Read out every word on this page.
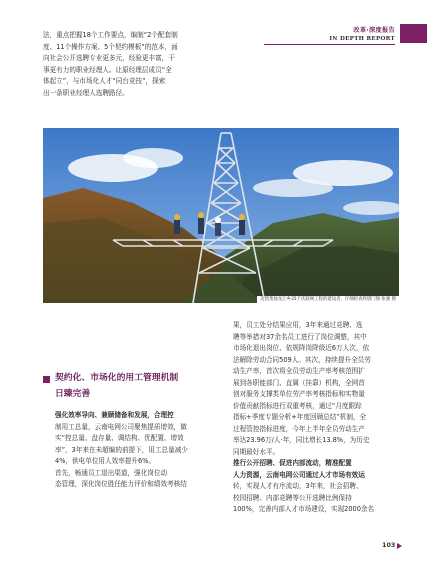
改革·深度报告
IN DEPTH REPORT
法，重点把握18个工作要点，编制“2个配套制
度、11个操作方案、5个契约模板”的范本，面
向社会公开选聘专业更多元，经验更丰富，干
事更有力的职业经理人。让原经理层成员“全
体起立”，与市场化人才“同台竞技”，探索
出一条职业经理人选聘路径。
迈凯集独龙江乡35千伏联网工程的建设者，仔细检查铁塔门图 张强 摄
契约化、市场化的用工管理机制
日臻完善
强化效率导向、兼顾储备和发展，合理控
制用工总量，云南电网公司聚焦提质增效，做
实“控总量、盘存量、调结构、优配置、增效
率”，3年来在未超编的前提下，用工总量减少
4%，供电单位用人效率提升6%。
首先，畅通员工退出渠道，强化岗位动
态管理，深化岗位胜任能力评价和绩效考核结
果，员工处分结果应用，3年来通过竞聘、选
聘等举措对37余名员工进行了岗位调整，其中
市场化退出岗位、依规降岗降级近6万人次，依
法解除劳动合同509人。其次，持续提升全员劳
动生产率，首次将全员劳动生产率考核范围扩
展到各职能部门、直属（挂靠）机构，全网首
创对服务支撑类单位劳产率考核指标和实物量
价值贡献指标进行双重考核，通过“月度跟踪
指标+季度专题分析+年度回顾总结”机制，全
过程管控指标进度，今年上半年全员劳动生产
率达23.96万/人·年，同比增长13.8%，为历史
同期最好水平。
推行公开招聘、促进内部流动，精准配置
人力资源，云南电网公司通过人才市场有效运
转，实现人才有序流动，3年来，社会招聘、
校园招聘、内部竞聘等公开选聘比例保持
100%，完善内部人才市场建设，实现2000余名
103
